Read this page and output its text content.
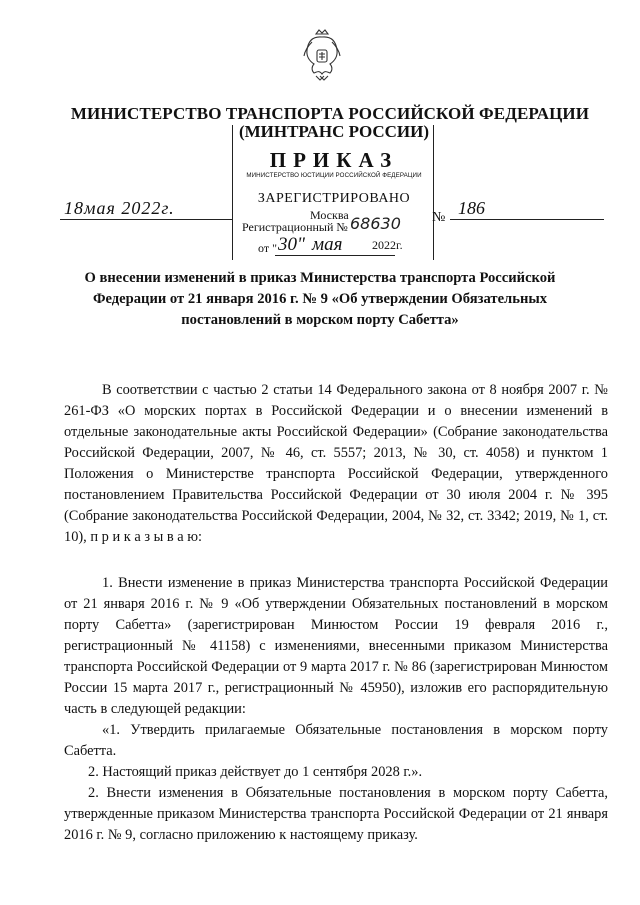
МИНИСТЕРСТВО ТРАНСПОРТА РОССИЙСКОЙ ФЕДЕРАЦИИ
(МИНТРАНС РОССИИ)
ПРИКАЗ
МИНИСТЕРСТВО ЮСТИЦИИ РОССИЙСКОЙ ФЕДЕРАЦИИ
ЗАРЕГИСТРИРОВАНО
Москва
Регистрационный № 68630
от " 30" мая 2022г.
18мая 2022г.	№ 186
О внесении изменений в приказ Министерства транспорта Российской Федерации от 21 января 2016 г. № 9 «Об утверждении Обязательных постановлений в морском порту Сабетта»
В соответствии с частью 2 статьи 14 Федерального закона от 8 ноября 2007 г. № 261-ФЗ «О морских портах в Российской Федерации и о внесении изменений в отдельные законодательные акты Российской Федерации» (Собрание законодательства Российской Федерации, 2007, № 46, ст. 5557; 2013, № 30, ст. 4058) и пунктом 1 Положения о Министерстве транспорта Российской Федерации, утвержденного постановлением Правительства Российской Федерации от 30 июля 2004 г. № 395 (Собрание законодательства Российской Федерации, 2004, № 32, ст. 3342; 2019, № 1, ст. 10), п р и к а з ы в а ю:
1. Внести изменение в приказ Министерства транспорта Российской Федерации от 21 января 2016 г. № 9 «Об утверждении Обязательных постановлений в морском порту Сабетта» (зарегистрирован Минюстом России 19 февраля 2016 г., регистрационный № 41158) с изменениями, внесенными приказом Министерства транспорта Российской Федерации от 9 марта 2017 г. № 86 (зарегистрирован Минюстом России 15 марта 2017 г., регистрационный № 45950), изложив его распорядительную часть в следующей редакции:
«1. Утвердить прилагаемые Обязательные постановления в морском порту Сабетта.
2. Настоящий приказ действует до 1 сентября 2028 г.».
2. Внести изменения в Обязательные постановления в морском порту Сабетта, утвержденные приказом Министерства транспорта Российской Федерации от 21 января 2016 г. № 9, согласно приложению к настоящему приказу.
